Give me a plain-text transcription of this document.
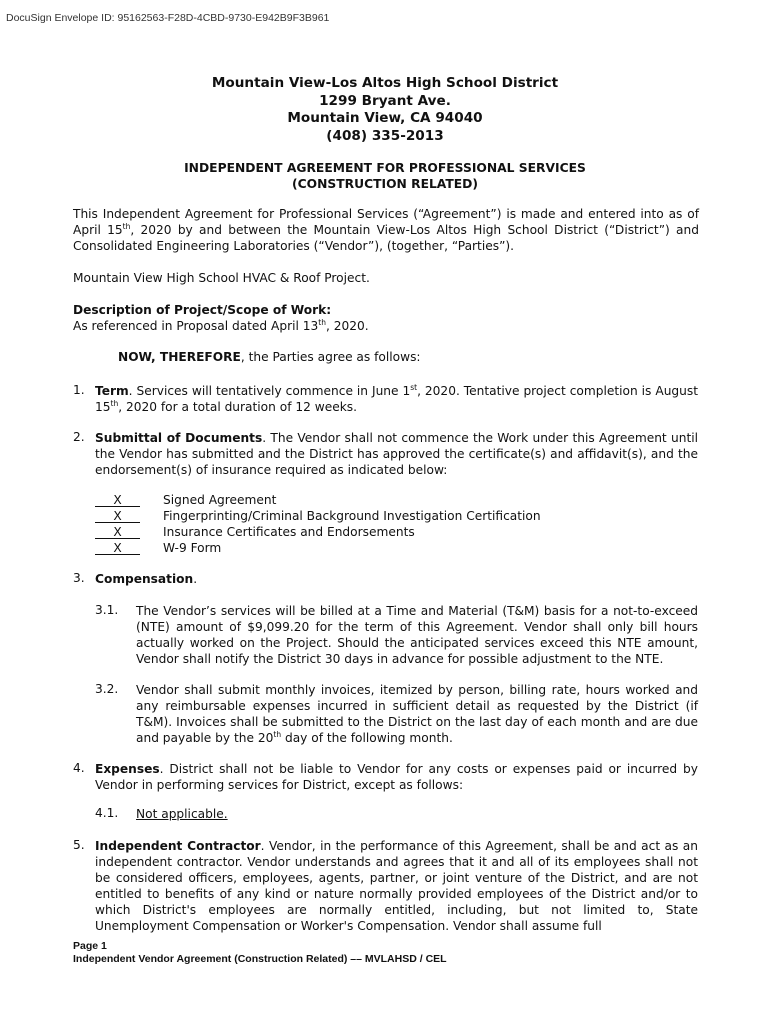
DocuSign Envelope ID: 95162563-F28D-4CBD-9730-E942B9F3B961
Mountain View-Los Altos High School District
1299 Bryant Ave.
Mountain View, CA 94040
(408) 335-2013
INDEPENDENT AGREEMENT FOR PROFESSIONAL SERVICES
(CONSTRUCTION RELATED)
This Independent Agreement for Professional Services (“Agreement”) is made and entered into as of April 15th, 2020 by and between the Mountain View-Los Altos High School District (“District”) and Consolidated Engineering Laboratories (“Vendor”), (together, “Parties”).
Mountain View High School HVAC & Roof Project.
Description of Project/Scope of Work:
As referenced in Proposal dated April 13th, 2020.
NOW, THEREFORE, the Parties agree as follows:
1. Term. Services will tentatively commence in June 1st, 2020. Tentative project completion is August 15th, 2020 for a total duration of 12 weeks.
2. Submittal of Documents. The Vendor shall not commence the Work under this Agreement until the Vendor has submitted and the District has approved the certificate(s) and affidavit(s), and the endorsement(s) of insurance required as indicated below:
X	Signed Agreement
X	Fingerprinting/Criminal Background Investigation Certification
X	Insurance Certificates and Endorsements
X	W-9 Form
3. Compensation.
3.1. The Vendor’s services will be billed at a Time and Material (T&M) basis for a not-to-exceed (NTE) amount of $9,099.20 for the term of this Agreement. Vendor shall only bill hours actually worked on the Project. Should the anticipated services exceed this NTE amount, Vendor shall notify the District 30 days in advance for possible adjustment to the NTE.
3.2. Vendor shall submit monthly invoices, itemized by person, billing rate, hours worked and any reimbursable expenses incurred in sufficient detail as requested by the District (if T&M). Invoices shall be submitted to the District on the last day of each month and are due and payable by the 20th day of the following month.
4. Expenses. District shall not be liable to Vendor for any costs or expenses paid or incurred by Vendor in performing services for District, except as follows:
4.1. Not applicable.
5. Independent Contractor. Vendor, in the performance of this Agreement, shall be and act as an independent contractor. Vendor understands and agrees that it and all of its employees shall not be considered officers, employees, agents, partner, or joint venture of the District, and are not entitled to benefits of any kind or nature normally provided employees of the District and/or to which District's employees are normally entitled, including, but not limited to, State Unemployment Compensation or Worker's Compensation. Vendor shall assume full
Page 1
Independent Vendor Agreement (Construction Related) –– MVLAHSD / CEL
